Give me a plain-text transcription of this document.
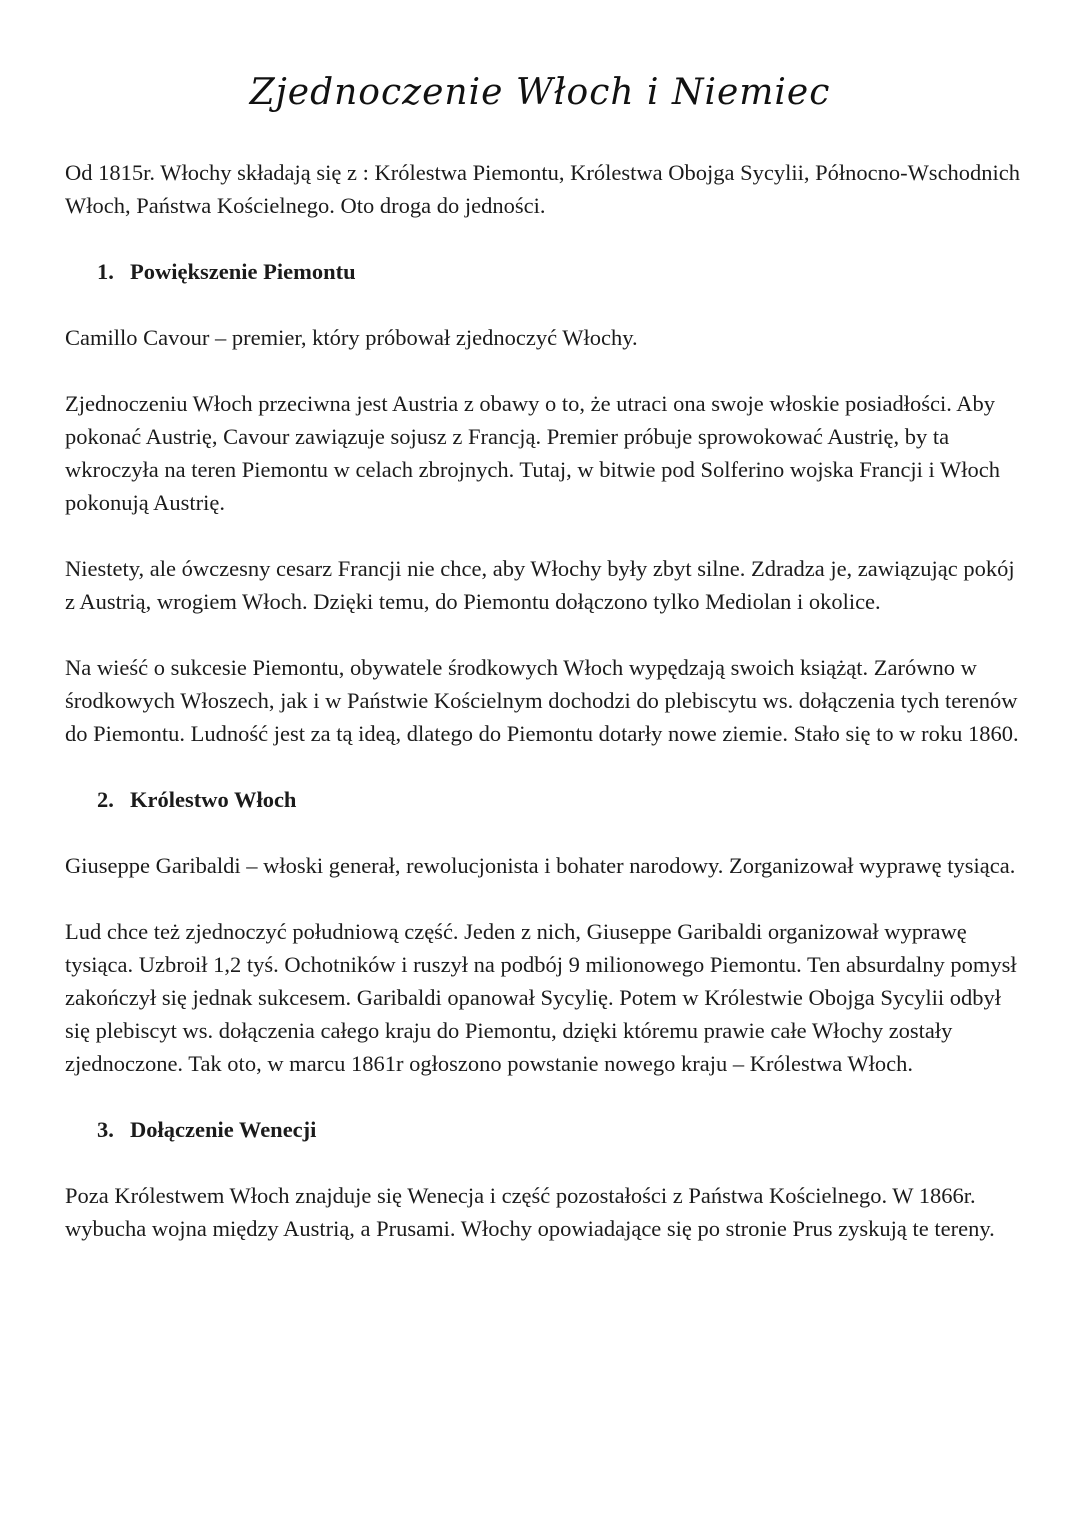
Zjednoczenie Włoch i Niemiec

Od 1815r. Włochy składają się z : Królestwa Piemontu, Królestwa Obojga Sycylii, Północno-Wschodnich Włoch, Państwa Kościelnego. Oto droga do jedności.

1. Powiększenie Piemontu

Camillo Cavour – premier, który próbował zjednoczyć Włochy.

Zjednoczeniu Włoch przeciwna jest Austria z obawy o to, że utraci ona swoje włoskie posiadłości. Aby pokonać Austrię, Cavour zawiązuje sojusz z Francją. Premier próbuje sprowokować Austrię, by ta wkroczyła na teren Piemontu w celach zbrojnych. Tutaj, w bitwie pod Solferino wojska Francji i Włoch pokonują Austrię.

Niestety, ale ówczesny cesarz Francji nie chce, aby Włochy były zbyt silne. Zdradza je, zawiązując pokój z Austrią, wrogiem Włoch. Dzięki temu, do Piemontu dołączono tylko Mediolan i okolice.

Na wieść o sukcesie Piemontu, obywatele środkowych Włoch wypędzają swoich książąt. Zarówno w środkowych Włoszech, jak i w Państwie Kościelnym dochodzi do plebiscytu ws. dołączenia tych terenów do Piemontu. Ludność jest za tą ideą, dlatego do Piemontu dotarły nowe ziemie. Stało się to w roku 1860.

2. Królestwo Włoch

Giuseppe Garibaldi – włoski generał, rewolucjonista i bohater narodowy. Zorganizował wyprawę tysiąca.

Lud chce też zjednoczyć południową część. Jeden z nich, Giuseppe Garibaldi organizował wyprawę tysiąca. Uzbroił 1,2 tyś. Ochotników i ruszył na podbój 9 milionowego Piemontu. Ten absurdalny pomysł zakończył się jednak sukcesem. Garibaldi opanował Sycylię. Potem w Królestwie Obojga Sycylii odbył się plebiscyt ws. dołączenia całego kraju do Piemontu, dzięki któremu prawie całe Włochy zostały zjednoczone. Tak oto, w marcu 1861r ogłoszono powstanie nowego kraju – Królestwa Włoch.

3. Dołączenie Wenecji

Poza Królestwem Włoch znajduje się Wenecja i część pozostałości z Państwa Kościelnego. W 1866r. wybucha wojna między Austrią, a Prusami. Włochy opowiadające się po stronie Prus zyskują te tereny.
